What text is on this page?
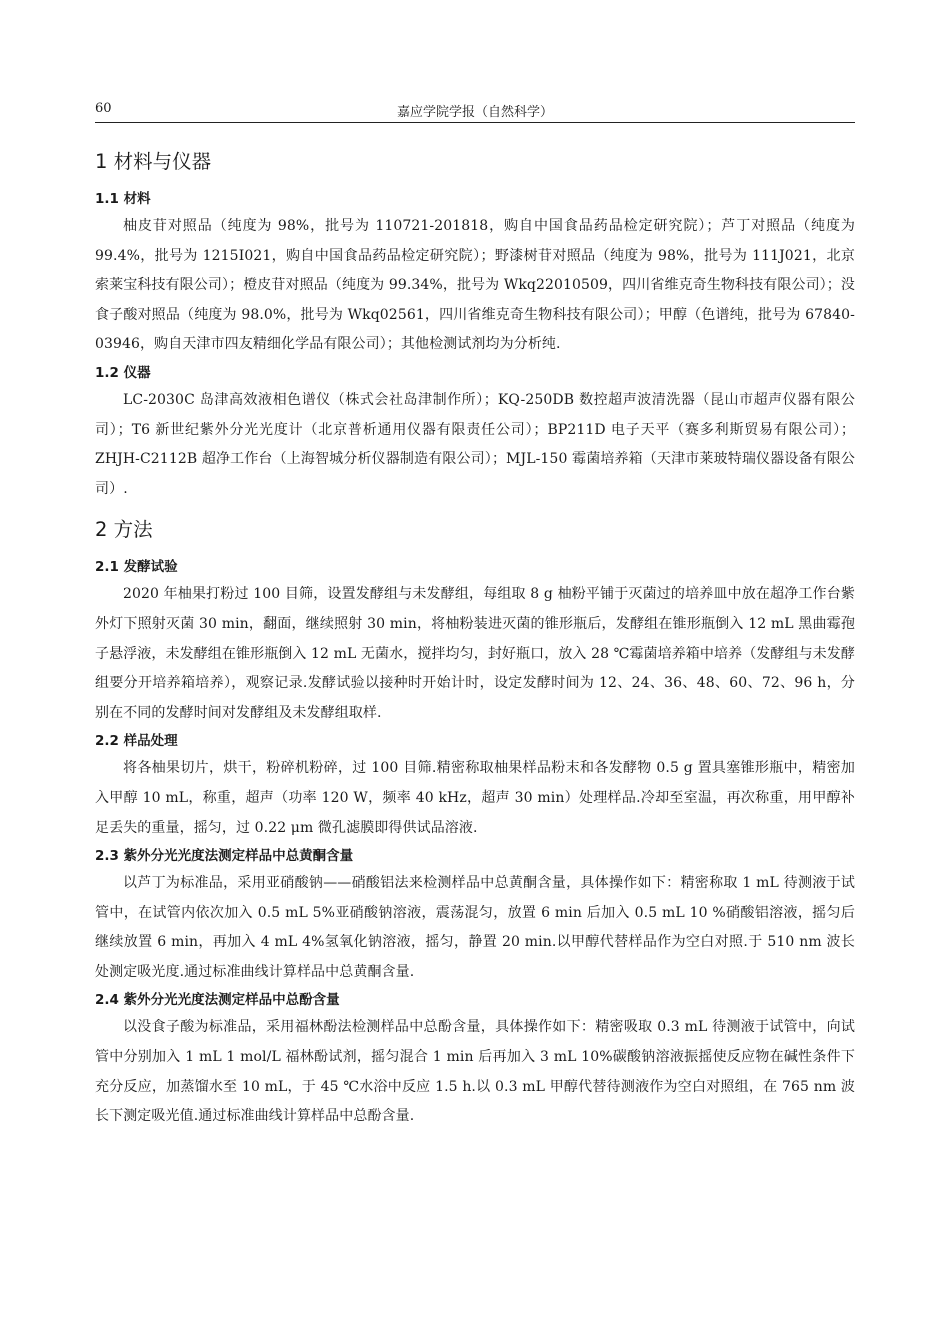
60	嘉应学院学报（自然科学）
1 材料与仪器
1.1 材料

柚皮苷对照品（纯度为 98%，批号为 110721-201818，购自中国食品药品检定研究院）；芦丁对照品（纯度为 99.4%，批号为 1215I021，购自中国食品药品检定研究院）；野漆树苷对照品（纯度为 98%，批号为 111J021，北京索莱宝科技有限公司）；橙皮苷对照品（纯度为 99.34%，批号为 Wkq22010509，四川省维克奇生物科技有限公司）；没食子酸对照品（纯度为 98.0%，批号为 Wkq02561，四川省维克奇生物科技有限公司）；甲醇（色谱纯，批号为 67840-03946，购自天津市四友精细化学品有限公司）；其他检测试剂均为分析纯.

1.2 仪器

LC-2030C 岛津高效液相色谱仪（株式会社岛津制作所）；KQ-250DB 数控超声波清洗器（昆山市超声仪器有限公司）；T6 新世纪紫外分光光度计（北京普析通用仪器有限责任公司）；BP211D 电子天平（赛多利斯贸易有限公司）；ZHJH-C2112B 超净工作台（上海智城分析仪器制造有限公司）；MJL-150 霉菌培养箱（天津市莱玻特瑞仪器设备有限公司）.

2 方法
2.1 发酵试验

2020 年柚果打粉过 100 目筛，设置发酵组与未发酵组，每组取 8 g 柚粉平铺于灭菌过的培养皿中放在超净工作台紫外灯下照射灭菌 30 min，翻面，继续照射 30 min，将柚粉装进灭菌的锥形瓶后，发酵组在锥形瓶倒入 12 mL 黑曲霉孢子悬浮液，未发酵组在锥形瓶倒入 12 mL 无菌水，搅拌均匀，封好瓶口，放入 28 ℃霉菌培养箱中培养（发酵组与未发酵组要分开培养箱培养），观察记录.发酵试验以接种时开始计时，设定发酵时间为 12、24、36、48、60、72、96 h，分别在不同的发酵时间对发酵组及未发酵组取样.

2.2 样品处理

将各柚果切片，烘干，粉碎机粉碎，过 100 目筛.精密称取柚果样品粉末和各发酵物 0.5 g 置具塞锥形瓶中，精密加入甲醇 10 mL，称重，超声（功率 120 W，频率 40 kHz，超声 30 min）处理样品.冷却至室温，再次称重，用甲醇补足丢失的重量，摇匀，过 0.22 μm 微孔滤膜即得供试品溶液.

2.3 紫外分光光度法测定样品中总黄酮含量

以芦丁为标准品，采用亚硝酸钠——硝酸铝法来检测样品中总黄酮含量，具体操作如下：精密称取 1 mL 待测液于试管中，在试管内依次加入 0.5 mL 5%亚硝酸钠溶液，震荡混匀，放置 6 min 后加入 0.5 mL 10 %硝酸铝溶液，摇匀后继续放置 6 min，再加入 4 mL 4%氢氧化钠溶液，摇匀，静置 20 min.以甲醇代替样品作为空白对照.于 510 nm 波长处测定吸光度.通过标准曲线计算样品中总黄酮含量.

2.4 紫外分光光度法测定样品中总酚含量

以没食子酸为标准品，采用福林酚法检测样品中总酚含量，具体操作如下：精密吸取 0.3 mL 待测液于试管中，向试管中分别加入 1 mL 1 mol/L 福林酚试剂，摇匀混合 1 min 后再加入 3 mL 10%碳酸钠溶液振摇使反应物在碱性条件下充分反应，加蒸馏水至 10 mL，于 45 ℃水浴中反应 1.5 h.以 0.3 mL 甲醇代替待测液作为空白对照组，在 765 nm 波长下测定吸光值.通过标准曲线计算样品中总酚含量.
